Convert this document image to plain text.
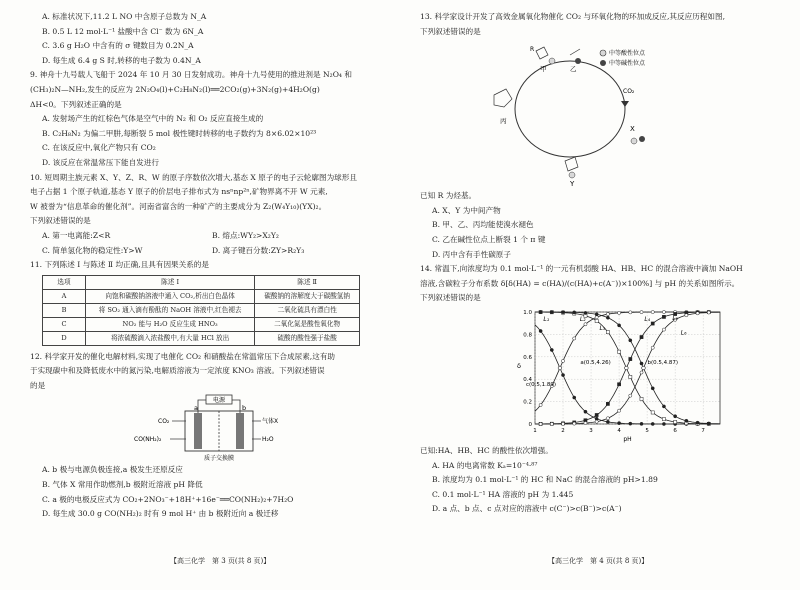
A. 标准状况下,11.2 L NO 中含原子总数为 N_A

B. 0.5 L 12 mol·L⁻¹ 盐酸中含 Cl⁻ 数为 6N_A

C. 3.6 g H₂O 中含有的 σ 键数目为 0.2N_A

D. 每生成 6.4 g S 时,转移的电子数为 0.4N_A

9. 神舟十九号载人飞船于 2024 年 10 月 30 日发射成功。神舟十九号使用的推进剂是 N₂O₄ 和

(CH₃)₂N—NH₂,发生的反应为 2N₂O₄(l)+C₂H₈N₂(l)══2CO₂(g)+3N₂(g)+4H₂O(g)

ΔH<0。下列叙述正确的是

A. 发射场产生的红棕色气体是空气中的 N₂ 和 O₂ 反应直接生成的

B. C₂H₈N₂ 为偏二甲肼,每断裂 5 mol 极性键时转移的电子数约为 8×6.02×10²³

C. 在该反应中,氧化产物只有 CO₂

D. 该反应在常温常压下能自发进行

10. 短周期主族元素 X、Y、Z、R、W 的原子序数依次增大,基态 X 原子的电子云轮廓图为球形且

电子占据 1 个原子轨道,基态 Y 原子的价层电子排布式为 nsⁿnp²ⁿ,矿物界离不开 W 元素,

W 被誉为“信息革命的催化剂”。河南省富含的一种矿产的主要成分为 Z₂(W₄Y₁₀)(YX)₂。

下列叙述错误的是

A. 第一电离能:Z<R	B. 熔点:WY₂>X₂Y₂
C. 简单氢化物的稳定性:Y>W	D. 离子键百分数:ZY>R₂Y₃

11. 下列陈述 Ⅰ 与陈述 Ⅱ 均正确,且具有因果关系的是

选项	陈述 Ⅰ	陈述 Ⅱ
A	向饱和碳酸钠溶液中通入 CO₂,析出白色晶体	碳酸钠的溶解度大于碳酸氢钠
B	将 SO₂ 通入滴有酚酞的 NaOH 溶液中,红色褪去	二氧化硫具有漂白性
C	NO₂ 能与 H₂O 反应生成 HNO₃	二氧化氮是酸性氧化物
D	将浓硫酸滴入浓盐酸中,有大量 HCl 放出	硫酸的酸性强于盐酸

12. 科学家开发的催化电解材料,实现了电催化 CO₂ 和硝酸盐在常温常压下合成尿素,这有助

于实现碳中和及降低废水中的氮污染,电解质溶液为一定浓度 KNO₃ 溶液。下列叙述错误

的是

电源
a	b
CO₂
CO(NH₂)₂
气体X
H₂O
质子交换膜

A. b 极与电源负极连接,a 极发生还原反应

B. 气体 X 常用作助燃剂,b 极附近溶液 pH 降低

C. a 极的电极反应式为 CO₂+2NO₃⁻+18H⁺+16e⁻══CO(NH₂)₂+7H₂O

D. 每生成 30.0 g CO(NH₂)₂ 时有 9 mol H⁺ 由 b 极附近向 a 极迁移

【高三化学　第 3 页(共 8 页)】

13. 科学家设计开发了高效金属氧化物催化 CO₂ 与环氧化物的环加成反应,其反应历程如图,

下列叙述错误的是

中等酸性位点
中等碱性位点
R
甲	乙
X
CO₂
Y
丙

已知 R 为烃基。

A. X、Y 为中间产物

B. 甲、乙、丙均能使溴水褪色

C. 乙在碱性位点上断裂 1 个 π 键

D. 丙中含有手性碳原子

14. 常温下,向浓度均为 0.1 mol·L⁻¹ 的一元有机弱酸 HA、HB、HC 的混合溶液中滴加 NaOH

溶液,含碳粒子分布系数 δ[δ(HA) = c(HA)/(c(HA)+c(A⁻))×100%] 与 pH 的关系如图所示。

下列叙述错误的是

0
0.2
0.4
0.6
0.8
1.0
1	2	3	4	5	6	7
pH
δ
L₁	L₂
L₃
L₄	L₅
L₆
a(0.5,4.26)	b(0.5,4.87)
c(0.5,1.89)

已知:HA、HB、HC 的酸性依次增强。

A. HA 的电离常数 Kₐ=10⁻⁴·⁸⁷

B. 浓度均为 0.1 mol·L⁻¹ 的 HC 和 NaC 的混合溶液的 pH>1.89

C. 0.1 mol·L⁻¹ HA 溶液的 pH 为 1.445

D. a 点、b 点、c 点对应的溶液中 c(C⁻)>c(B⁻)>c(A⁻)

【高三化学　第 4 页(共 8 页)】
